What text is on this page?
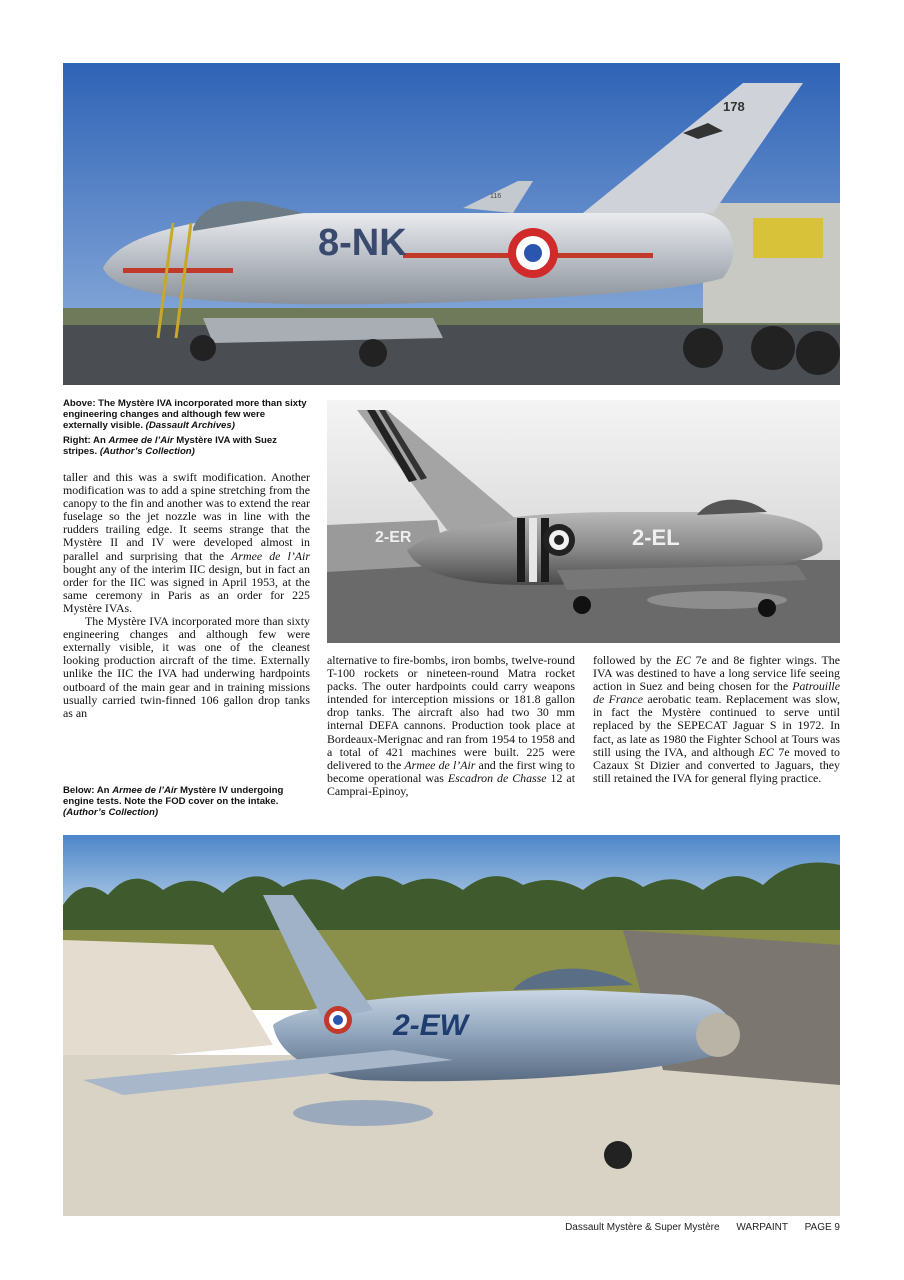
8-NK
178
116

Above: The Mystère IVA incorporated more than sixty engineering changes and although few were externally visible. (Dassault Archives)

Right: An Armee de l’Air Mystère IVA with Suez stripes. (Author’s Collection)

2-EL
2-ER

taller and this was a swift modification. Another modification was to add a spine stretching from the canopy to the fin and another was to extend the rear fuselage so the jet nozzle was in line with the rudders trailing edge. It seems strange that the Mystère II and IV were developed almost in parallel and surprising that the Armee de l’Air bought any of the interim IIC design, but in fact an order for the IIC was signed in April 1953, at the same ceremony in Paris as an order for 225 Mystère IVAs.

The Mystère IVA incorporated more than sixty engineering changes and although few were externally visible, it was one of the cleanest looking production aircraft of the time. Externally unlike the IIC the IVA had underwing hardpoints outboard of the main gear and in training missions usually carried twin-finned 106 gallon drop tanks as an

Below: An Armee de l’Air Mystère IV undergoing engine tests. Note the FOD cover on the intake. (Author’s Collection)

alternative to fire-bombs, iron bombs, twelve-round T-100 rockets or nineteen-round Matra rocket packs. The outer hardpoints could carry weapons intended for interception missions or 181.8 gallon drop tanks. The aircraft also had two 30 mm internal DEFA cannons. Production took place at Bordeaux-Merignac and ran from 1954 to 1958 and a total of 421 machines were built. 225 were delivered to the Armee de l’Air and the first wing to become operational was Escadron de Chasse 12 at Camprai-Epinoy,

followed by the EC 7e and 8e fighter wings. The IVA was destined to have a long service life seeing action in Suez and being chosen for the Patrouille de France aerobatic team. Replacement was slow, in fact the Mystère continued to serve until replaced by the SEPECAT Jaguar S in 1972. In fact, as late as 1980 the Fighter School at Tours was still using the IVA, and although EC 7e moved to Cazaux St Dizier and converted to Jaguars, they still retained the IVA for general flying practice.

2-EW
Dassault Mystère & Super Mystère WARPAINT PAGE 9
